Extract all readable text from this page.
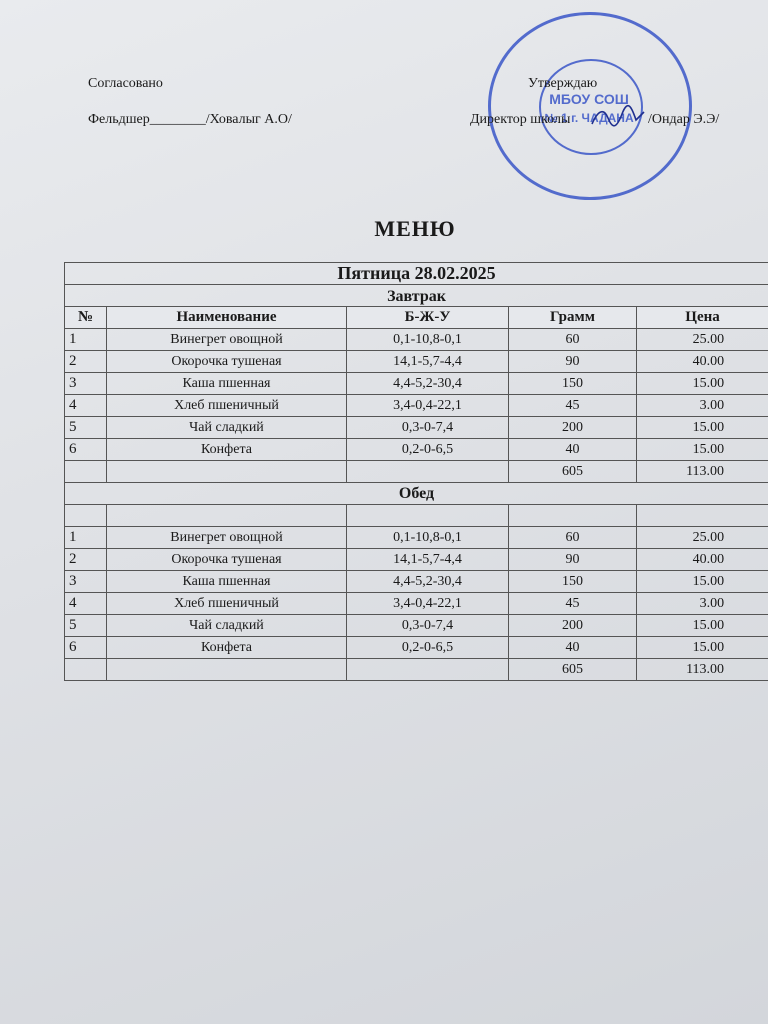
Согласовано
Фельдшер________/Ховалыг А.О/
МБОУ СОШ
№ 1 г. ЧАДАНА
Утверждаю
Директор школы	/Ондар Э.Э/
МЕНЮ
Пятница 28.02.2025				
Завтрак				
№	Наименование	Б-Ж-У	Грамм	Цена
1	Винегрет овощной	0,1-10,8-0,1	60	25.00
2	Окорочка тушеная	14,1-5,7-4,4	90	40.00
3	Каша пшенная	4,4-5,2-30,4	150	15.00
4	Хлеб пшеничный	3,4-0,4-22,1	45	3.00
5	Чай сладкий	0,3-0-7,4	200	15.00
6	Конфета	0,2-0-6,5	40	15.00
			605	113.00
Обед				

1	Винегрет овощной	0,1-10,8-0,1	60	25.00
2	Окорочка тушеная	14,1-5,7-4,4	90	40.00
3	Каша пшенная	4,4-5,2-30,4	150	15.00
4	Хлеб пшеничный	3,4-0,4-22,1	45	3.00
5	Чай сладкий	0,3-0-7,4	200	15.00
6	Конфета	0,2-0-6,5	40	15.00
			605	113.00
